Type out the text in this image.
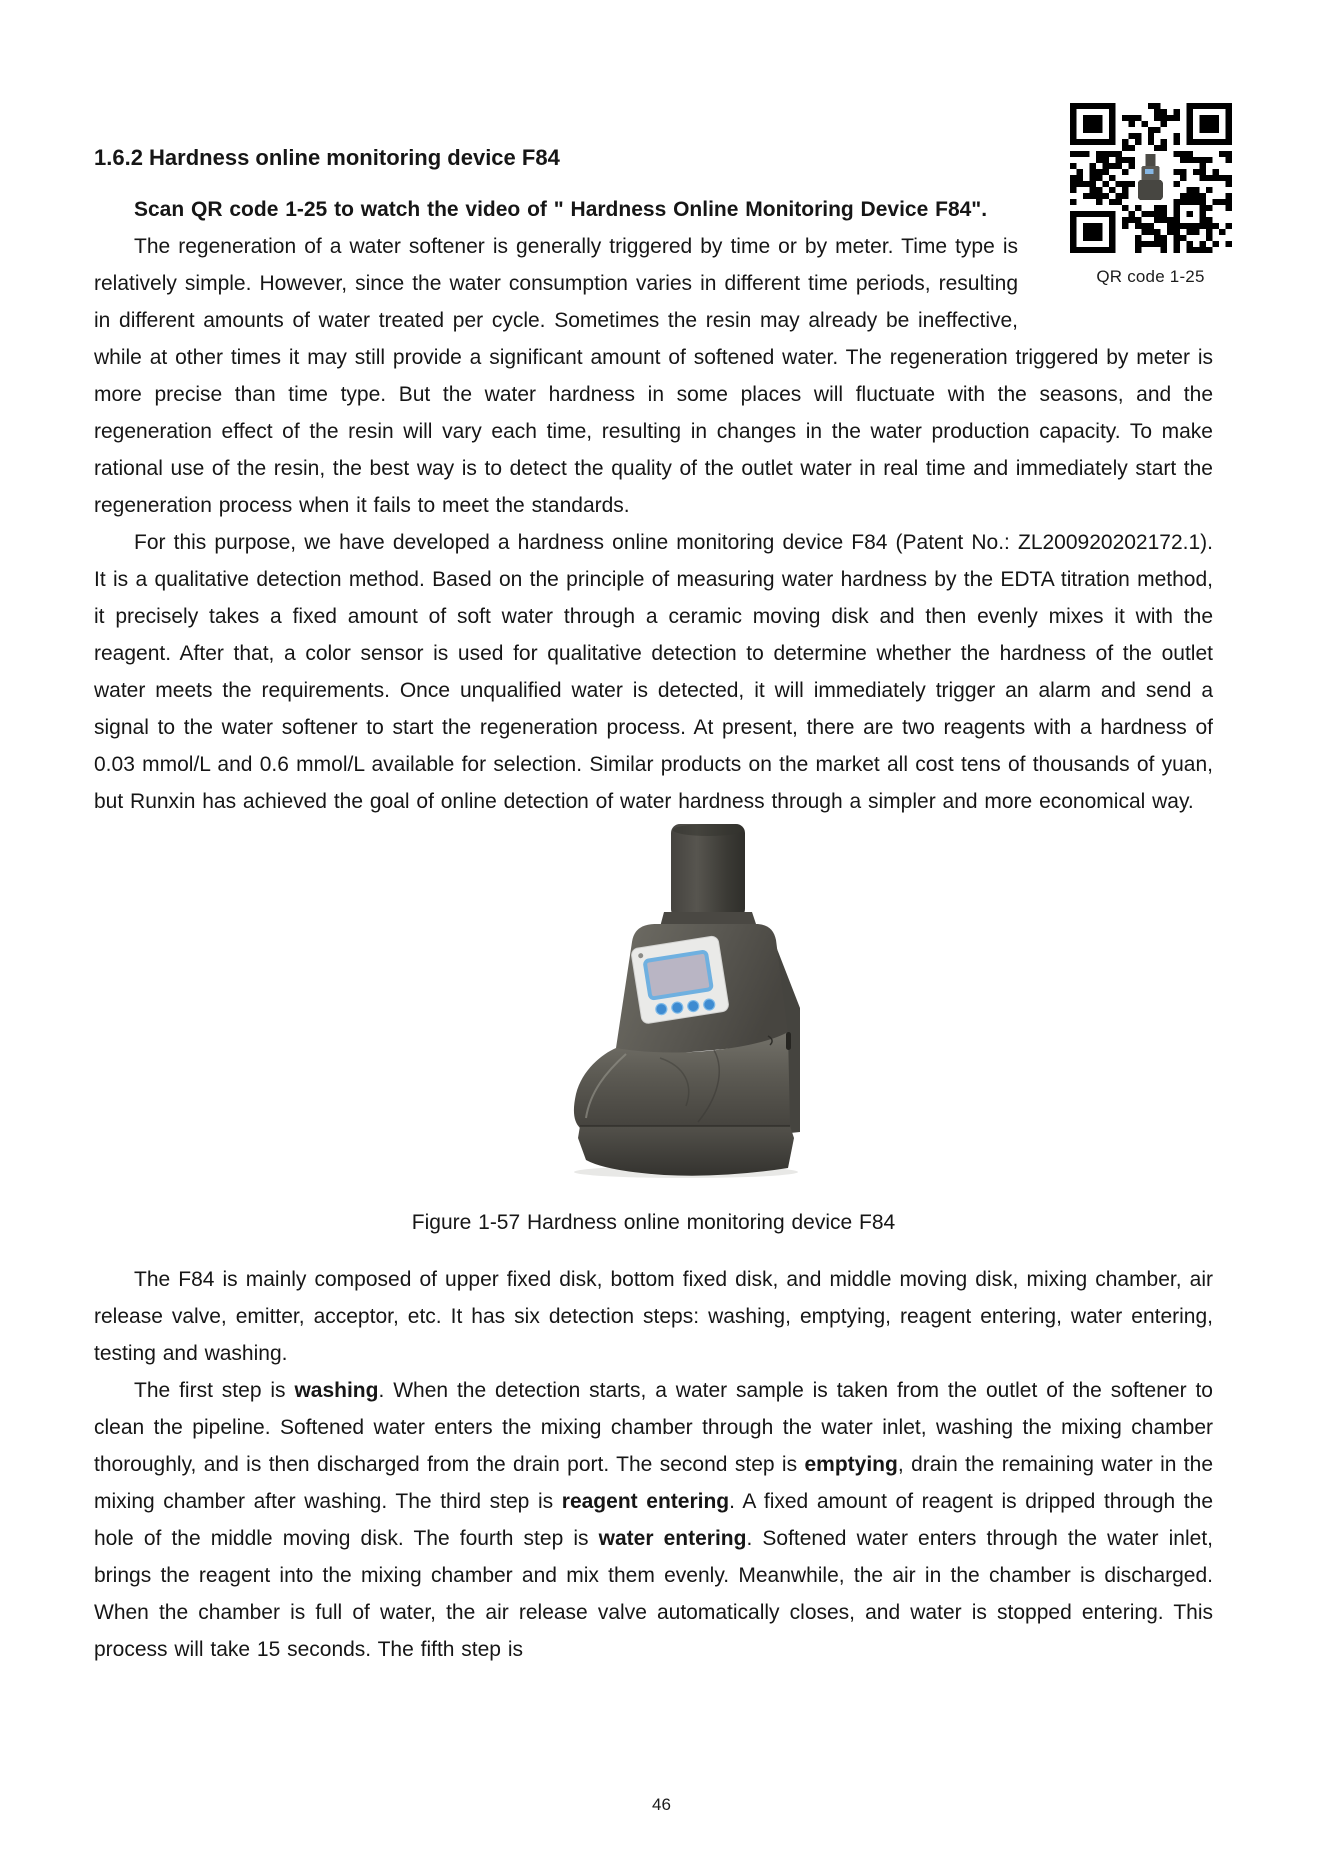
QR code 1-25
1.6.2 Hardness online monitoring device F84

Scan QR code 1-25 to watch the video of " Hardness Online Monitoring Device F84".

The regeneration of a water softener is generally triggered by time or by meter. Time type is relatively simple. However, since the water consumption varies in different time periods, resulting in different amounts of water treated per cycle. Sometimes the resin may already be ineffective, while at other times it may still provide a significant amount of softened water. The regeneration triggered by meter is more precise than time type. But the water hardness in some places will fluctuate with the seasons, and the regeneration effect of the resin will vary each time, resulting in changes in the water production capacity. To make rational use of the resin, the best way is to detect the quality of the outlet water in real time and immediately start the regeneration process when it fails to meet the standards.

For this purpose, we have developed a hardness online monitoring device F84 (Patent No.: ZL200920202172.1). It is a qualitative detection method. Based on the principle of measuring water hardness by the EDTA titration method, it precisely takes a fixed amount of soft water through a ceramic moving disk and then evenly mixes it with the reagent. After that, a color sensor is used for qualitative detection to determine whether the hardness of the outlet water meets the requirements. Once unqualified water is detected, it will immediately trigger an alarm and send a signal to the water softener to start the regeneration process. At present, there are two reagents with a hardness of 0.03 mmol/L and 0.6 mmol/L available for selection. Similar products on the market all cost tens of thousands of yuan, but Runxin has achieved the goal of online detection of water hardness through a simpler and more economical way.

Figure 1-57 Hardness online monitoring device F84

The F84 is mainly composed of upper fixed disk, bottom fixed disk, and middle moving disk, mixing chamber, air release valve, emitter, acceptor, etc. It has six detection steps: washing, emptying, reagent entering, water entering, testing and washing.

The first step is washing. When the detection starts, a water sample is taken from the outlet of the softener to clean the pipeline. Softened water enters the mixing chamber through the water inlet, washing the mixing chamber thoroughly, and is then discharged from the drain port. The second step is emptying, drain the remaining water in the mixing chamber after washing. The third step is reagent entering. A fixed amount of reagent is dripped through the hole of the middle moving disk. The fourth step is water entering. Softened water enters through the water inlet, brings the reagent into the mixing chamber and mix them evenly. Meanwhile, the air in the chamber is discharged. When the chamber is full of water, the air release valve automatically closes, and water is stopped entering. This process will take 15 seconds. The fifth step is

46
